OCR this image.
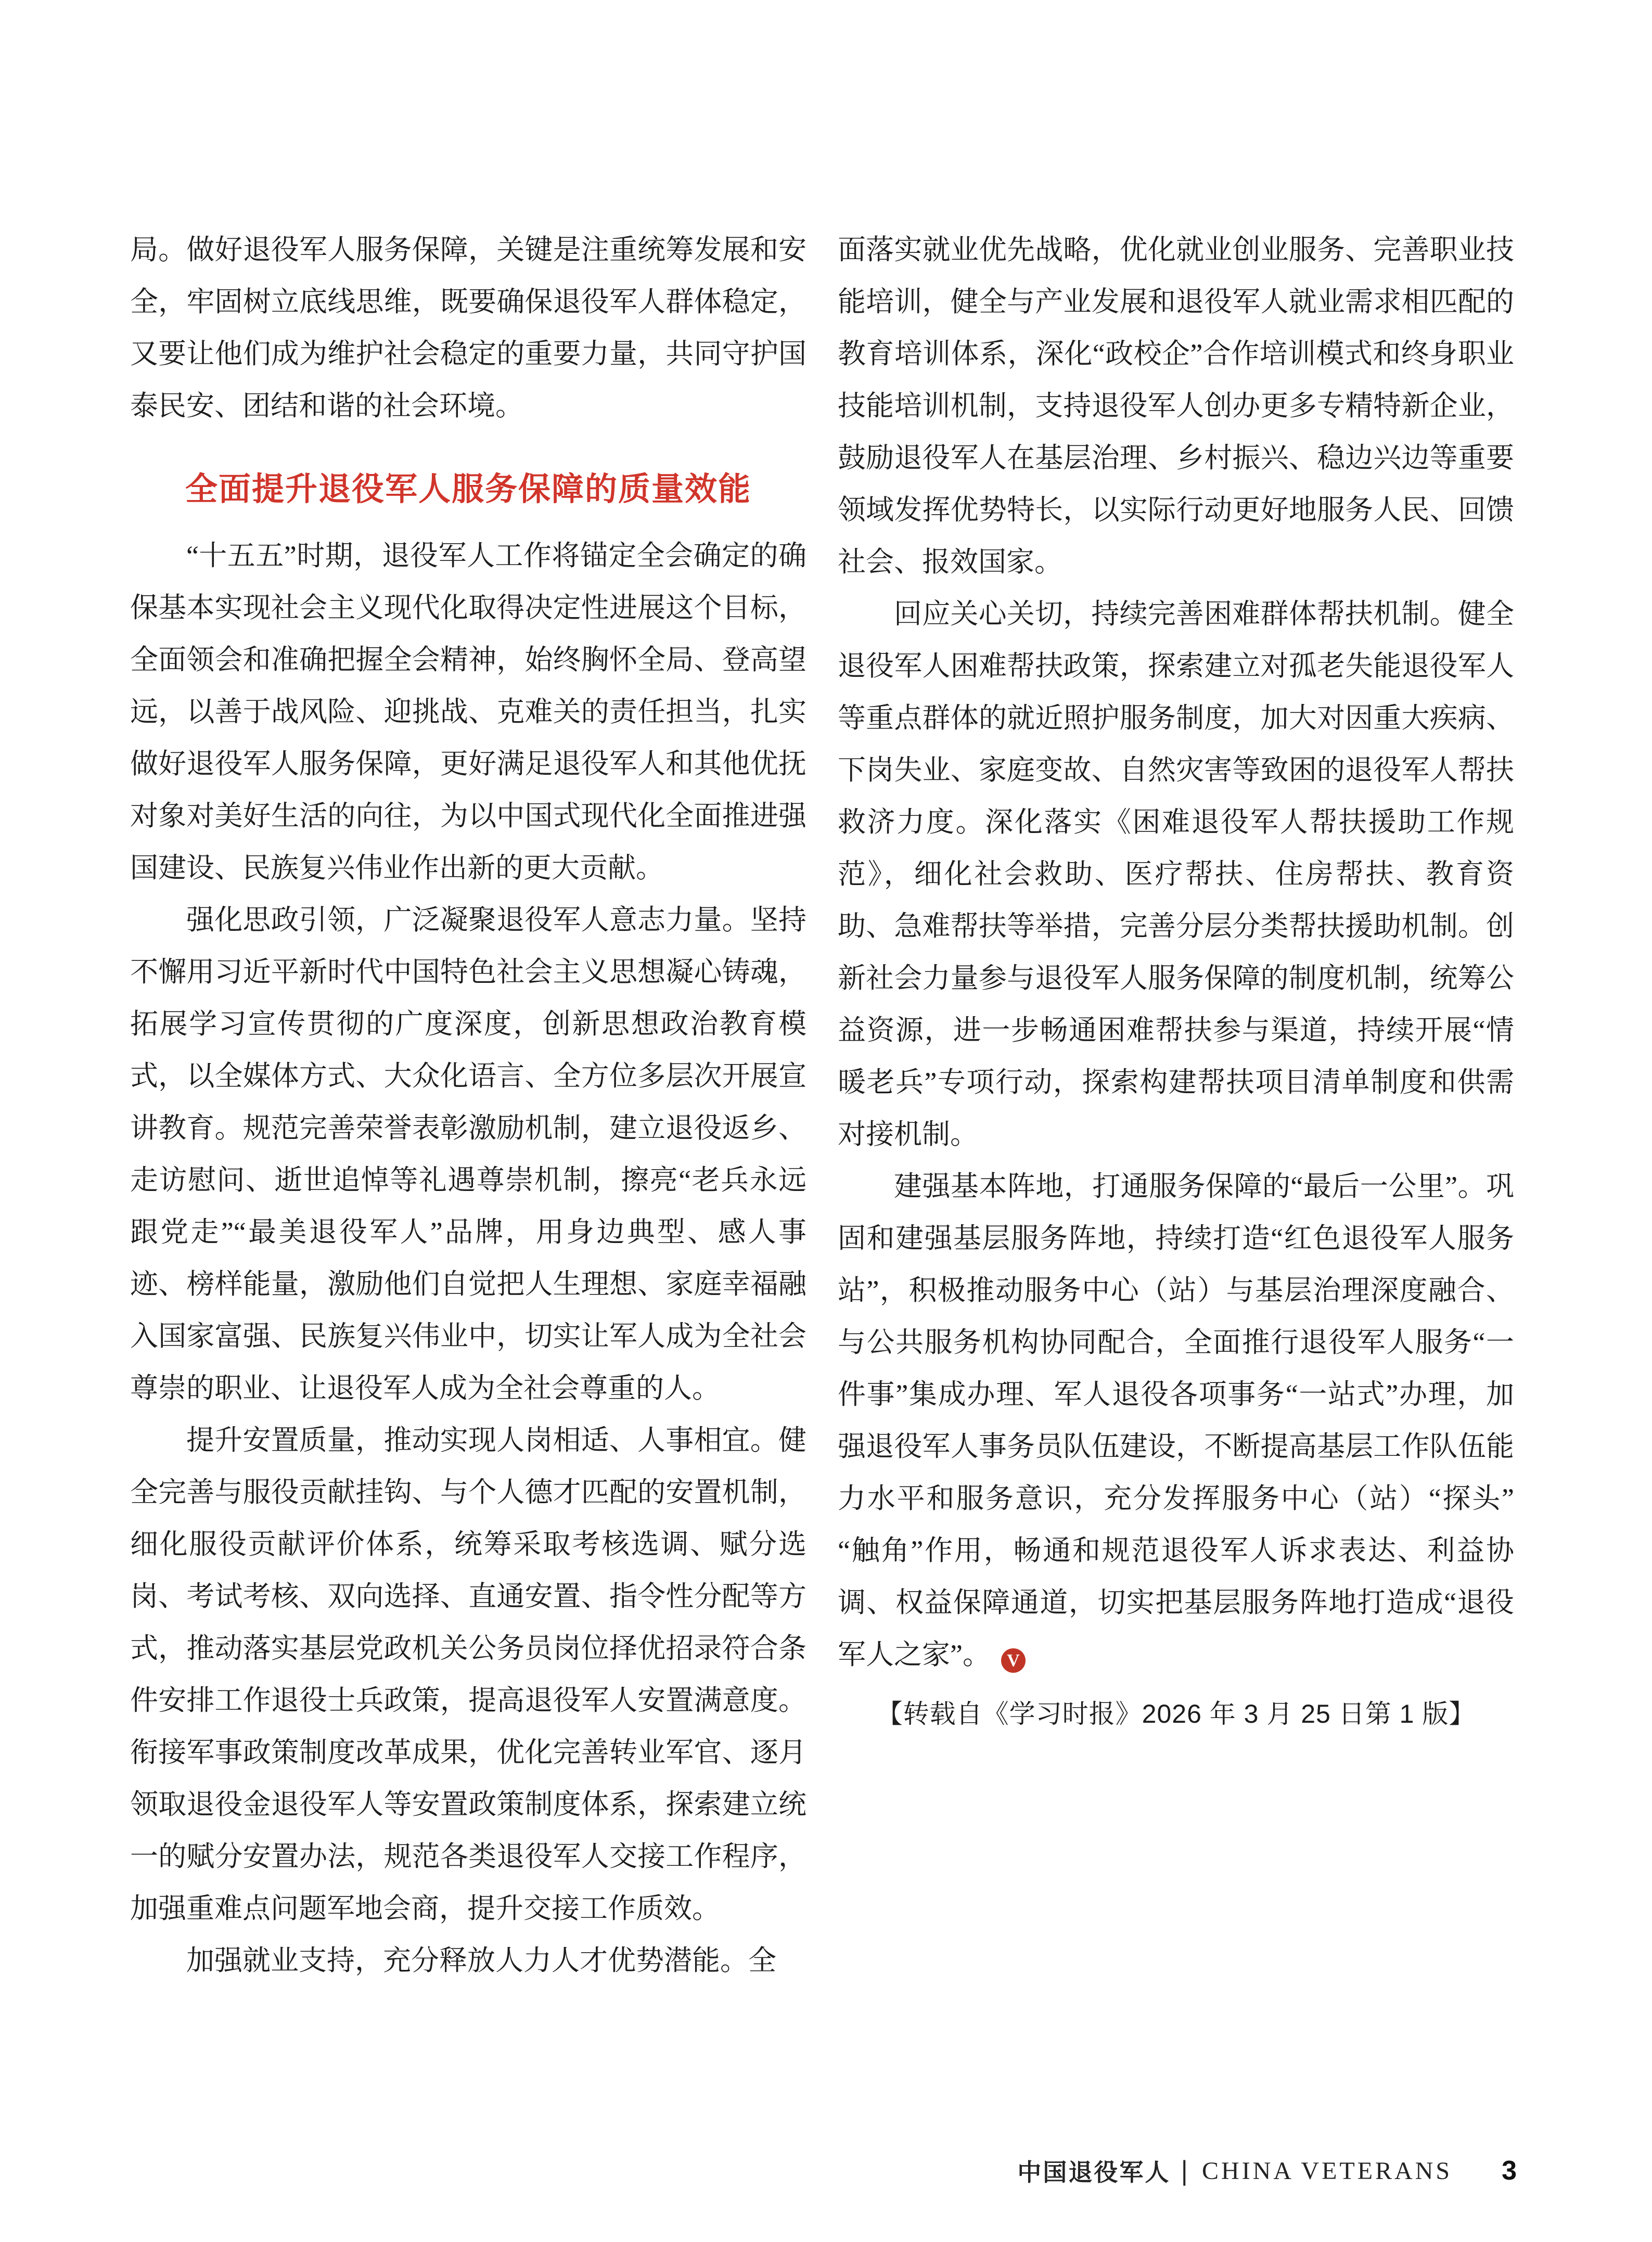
局。做好退役军人服务保障，关键是注重统筹发展和安全，牢固树立底线思维，既要确保退役军人群体稳定，又要让他们成为维护社会稳定的重要力量，共同守护国泰民安、团结和谐的社会环境。

全面提升退役军人服务保障的质量效能

“十五五”时期，退役军人工作将锚定全会确定的确保基本实现社会主义现代化取得决定性进展这个目标，全面领会和准确把握全会精神，始终胸怀全局、登高望远，以善于战风险、迎挑战、克难关的责任担当，扎实做好退役军人服务保障，更好满足退役军人和其他优抚对象对美好生活的向往，为以中国式现代化全面推进强国建设、民族复兴伟业作出新的更大贡献。

强化思政引领，广泛凝聚退役军人意志力量。坚持不懈用习近平新时代中国特色社会主义思想凝心铸魂，拓展学习宣传贯彻的广度深度，创新思想政治教育模式，以全媒体方式、大众化语言、全方位多层次开展宣讲教育。规范完善荣誉表彰激励机制，建立退役返乡、走访慰问、逝世追悼等礼遇尊崇机制，擦亮“老兵永远跟党走”“最美退役军人”品牌，用身边典型、感人事迹、榜样能量，激励他们自觉把人生理想、家庭幸福融入国家富强、民族复兴伟业中，切实让军人成为全社会尊崇的职业、让退役军人成为全社会尊重的人。

提升安置质量，推动实现人岗相适、人事相宜。健全完善与服役贡献挂钩、与个人德才匹配的安置机制，细化服役贡献评价体系，统筹采取考核选调、赋分选岗、考试考核、双向选择、直通安置、指令性分配等方式，推动落实基层党政机关公务员岗位择优招录符合条件安排工作退役士兵政策，提高退役军人安置满意度。衔接军事政策制度改革成果，优化完善转业军官、逐月领取退役金退役军人等安置政策制度体系，探索建立统一的赋分安置办法，规范各类退役军人交接工作程序，加强重难点问题军地会商，提升交接工作质效。

加强就业支持，充分释放人力人才优势潜能。全

面落实就业优先战略，优化就业创业服务、完善职业技能培训，健全与产业发展和退役军人就业需求相匹配的教育培训体系，深化“政校企”合作培训模式和终身职业技能培训机制，支持退役军人创办更多专精特新企业，鼓励退役军人在基层治理、乡村振兴、稳边兴边等重要领域发挥优势特长，以实际行动更好地服务人民、回馈社会、报效国家。

回应关心关切，持续完善困难群体帮扶机制。健全退役军人困难帮扶政策，探索建立对孤老失能退役军人等重点群体的就近照护服务制度，加大对因重大疾病、下岗失业、家庭变故、自然灾害等致困的退役军人帮扶救济力度。深化落实《困难退役军人帮扶援助工作规范》，细化社会救助、医疗帮扶、住房帮扶、教育资助、急难帮扶等举措，完善分层分类帮扶援助机制。创新社会力量参与退役军人服务保障的制度机制，统筹公益资源，进一步畅通困难帮扶参与渠道，持续开展“情暖老兵”专项行动，探索构建帮扶项目清单制度和供需对接机制。

建强基本阵地，打通服务保障的“最后一公里”。巩固和建强基层服务阵地，持续打造“红色退役军人服务站”，积极推动服务中心（站）与基层治理深度融合、与公共服务机构协同配合，全面推行退役军人服务“一件事”集成办理、军人退役各项事务“一站式”办理，加强退役军人事务员队伍建设，不断提高基层工作队伍能力水平和服务意识，充分发挥服务中心（站）“探头”“触角”作用，畅通和规范退役军人诉求表达、利益协调、权益保障通道，切实把基层服务阵地打造成“退役军人之家”。 V

【转载自《学习时报》2026 年 3 月 25 日第 1 版】

中国退役军人 | CHINA VETERANS 3
